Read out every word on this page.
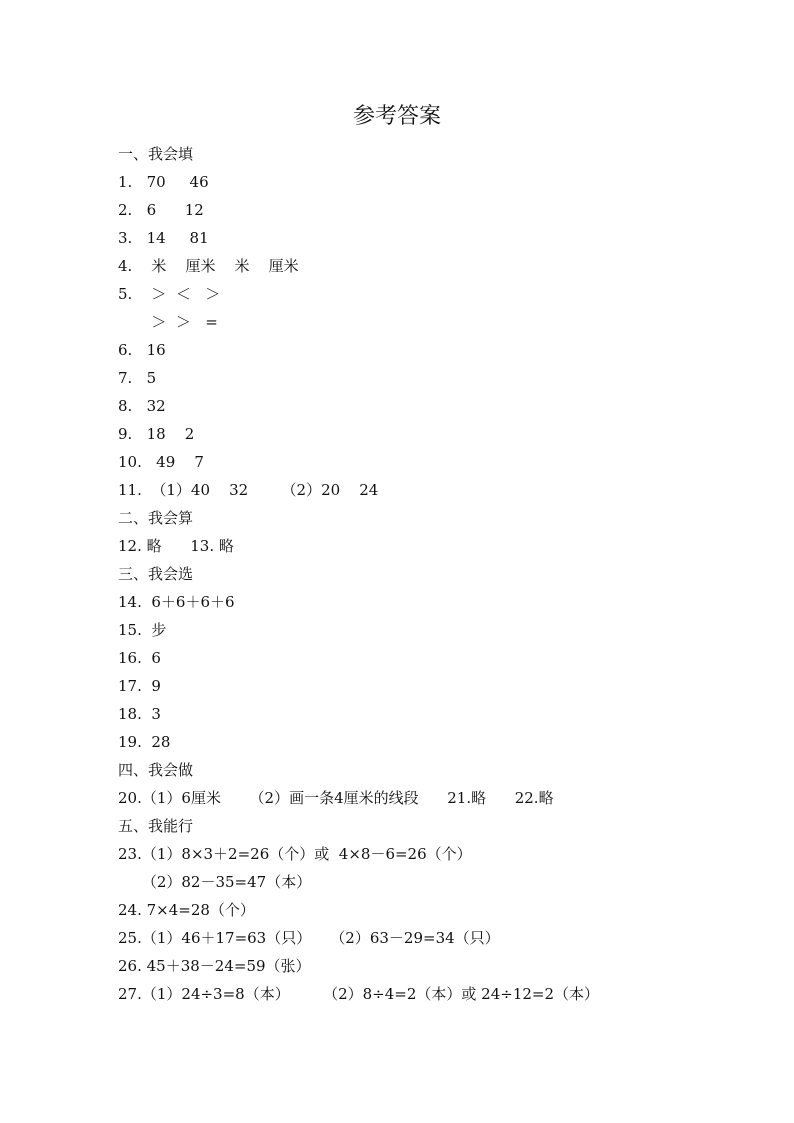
参考答案
一、我会填
1.   70     46
2.   6      12
3.   14     81
4.    米    厘米    米    厘米
5.    ＞  ＜   ＞
＞  ＞   =
6.   16
7.   5
8.   32
9.   18    2
10.   49    7
11.  （1）40    32       （2）20    24
二、我会算
12. 略      13. 略
三、我会选
14.  6＋6＋6＋6
15.  步
16.  6
17.  9
18.  3
19.  28
四、我会做
20.（1）6厘米      （2）画一条4厘米的线段      21.略      22.略
五、我能行
23.（1）8×3＋2=26（个）或  4×8－6=26（个）
（2）82－35=47（本）
24. 7×4=28（个）
25.（1）46＋17=63（只）    （2）63－29=34（只）
26. 45＋38－24=59（张）
27.（1）24÷3=8（本）       （2）8÷4=2（本）或 24÷12=2（本）
